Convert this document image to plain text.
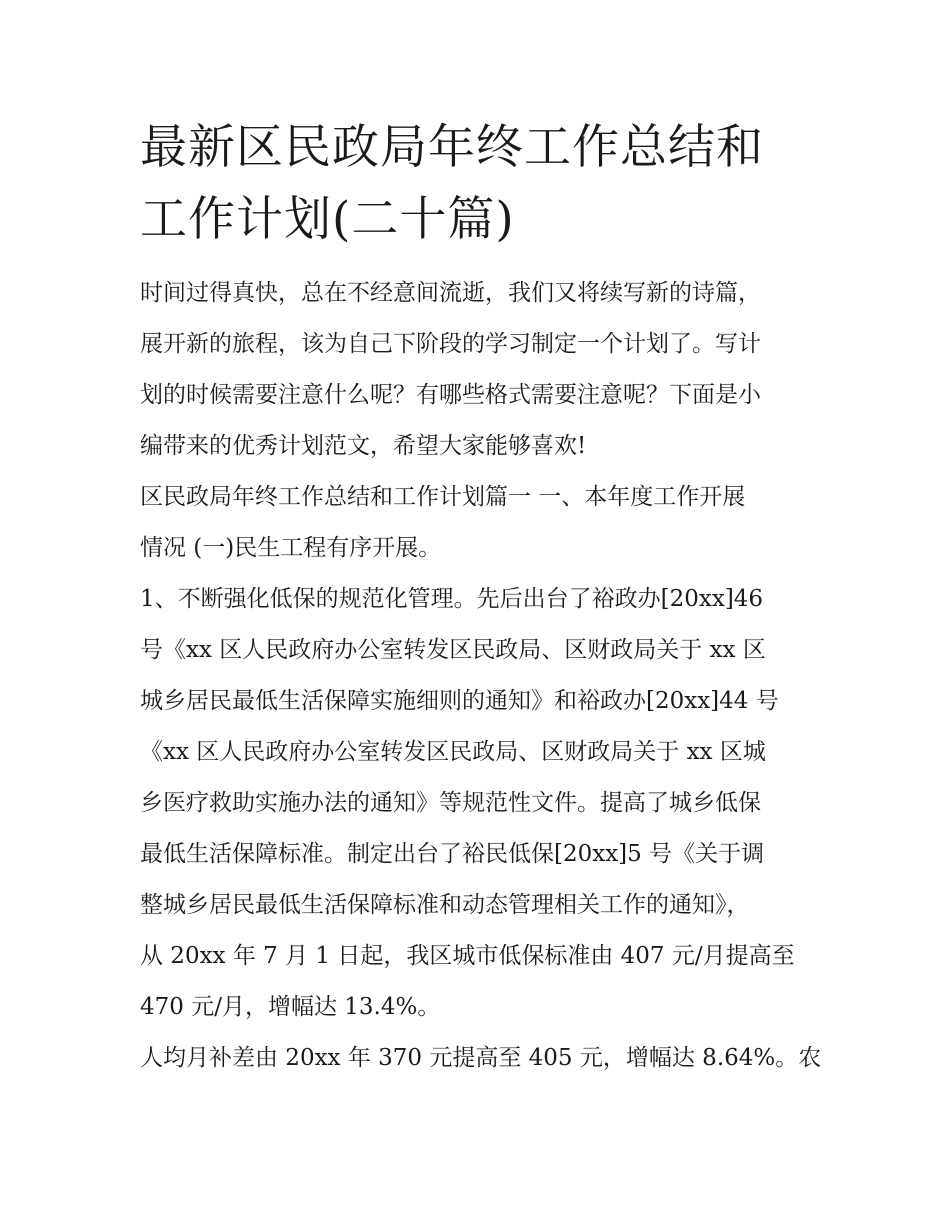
最新区民政局年终工作总结和
工作计划(二十篇)

时间过得真快，总在不经意间流逝，我们又将续写新的诗篇，
展开新的旅程，该为自己下阶段的学习制定一个计划了。写计
划的时候需要注意什么呢？有哪些格式需要注意呢？下面是小
编带来的优秀计划范文，希望大家能够喜欢!

区民政局年终工作总结和工作计划篇一 一、本年度工作开展
情况 (一)民生工程有序开展。

1、不断强化低保的规范化管理。先后出台了裕政办[20xx]46
号《xx 区人民政府办公室转发区民政局、区财政局关于 xx 区
城乡居民最低生活保障实施细则的通知》和裕政办[20xx]44 号
《xx 区人民政府办公室转发区民政局、区财政局关于 xx 区城
乡医疗救助实施办法的通知》等规范性文件。提高了城乡低保
最低生活保障标准。制定出台了裕民低保[20xx]5 号《关于调
整城乡居民最低生活保障标准和动态管理相关工作的通知》，
从 20xx 年 7 月 1 日起，我区城市低保标准由 407 元/月提高至
470 元/月，增幅达 13.4%。

人均月补差由 20xx 年 370 元提高至 405 元，增幅达 8.64%。农
